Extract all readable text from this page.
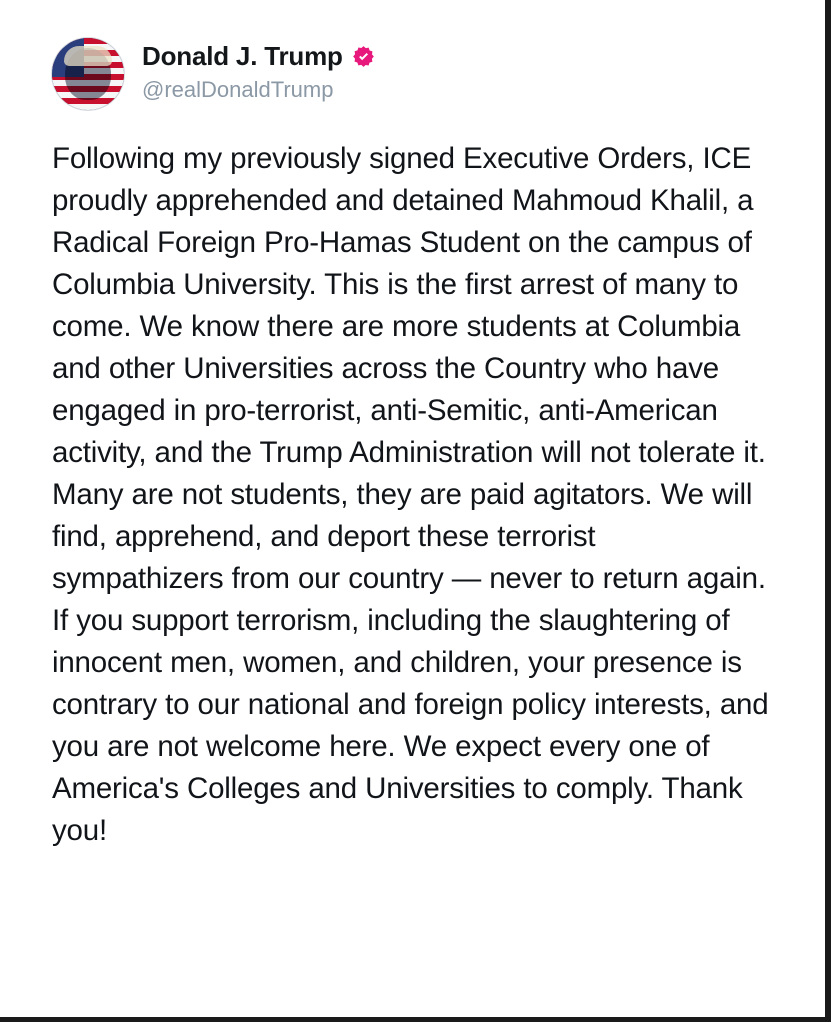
Donald J. Trump
@realDonaldTrump
Following my previously signed Executive Orders, ICE proudly apprehended and detained Mahmoud Khalil, a Radical Foreign Pro-Hamas Student on the campus of Columbia University. This is the first arrest of many to come. We know there are more students at Columbia and other Universities across the Country who have engaged in pro-terrorist, anti-Semitic, anti-American activity, and the Trump Administration will not tolerate it. Many are not students, they are paid agitators. We will find, apprehend, and deport these terrorist sympathizers from our country — never to return again. If you support terrorism, including the slaughtering of innocent men, women, and children, your presence is contrary to our national and foreign policy interests, and you are not welcome here. We expect every one of America's Colleges and Universities to comply. Thank you!
